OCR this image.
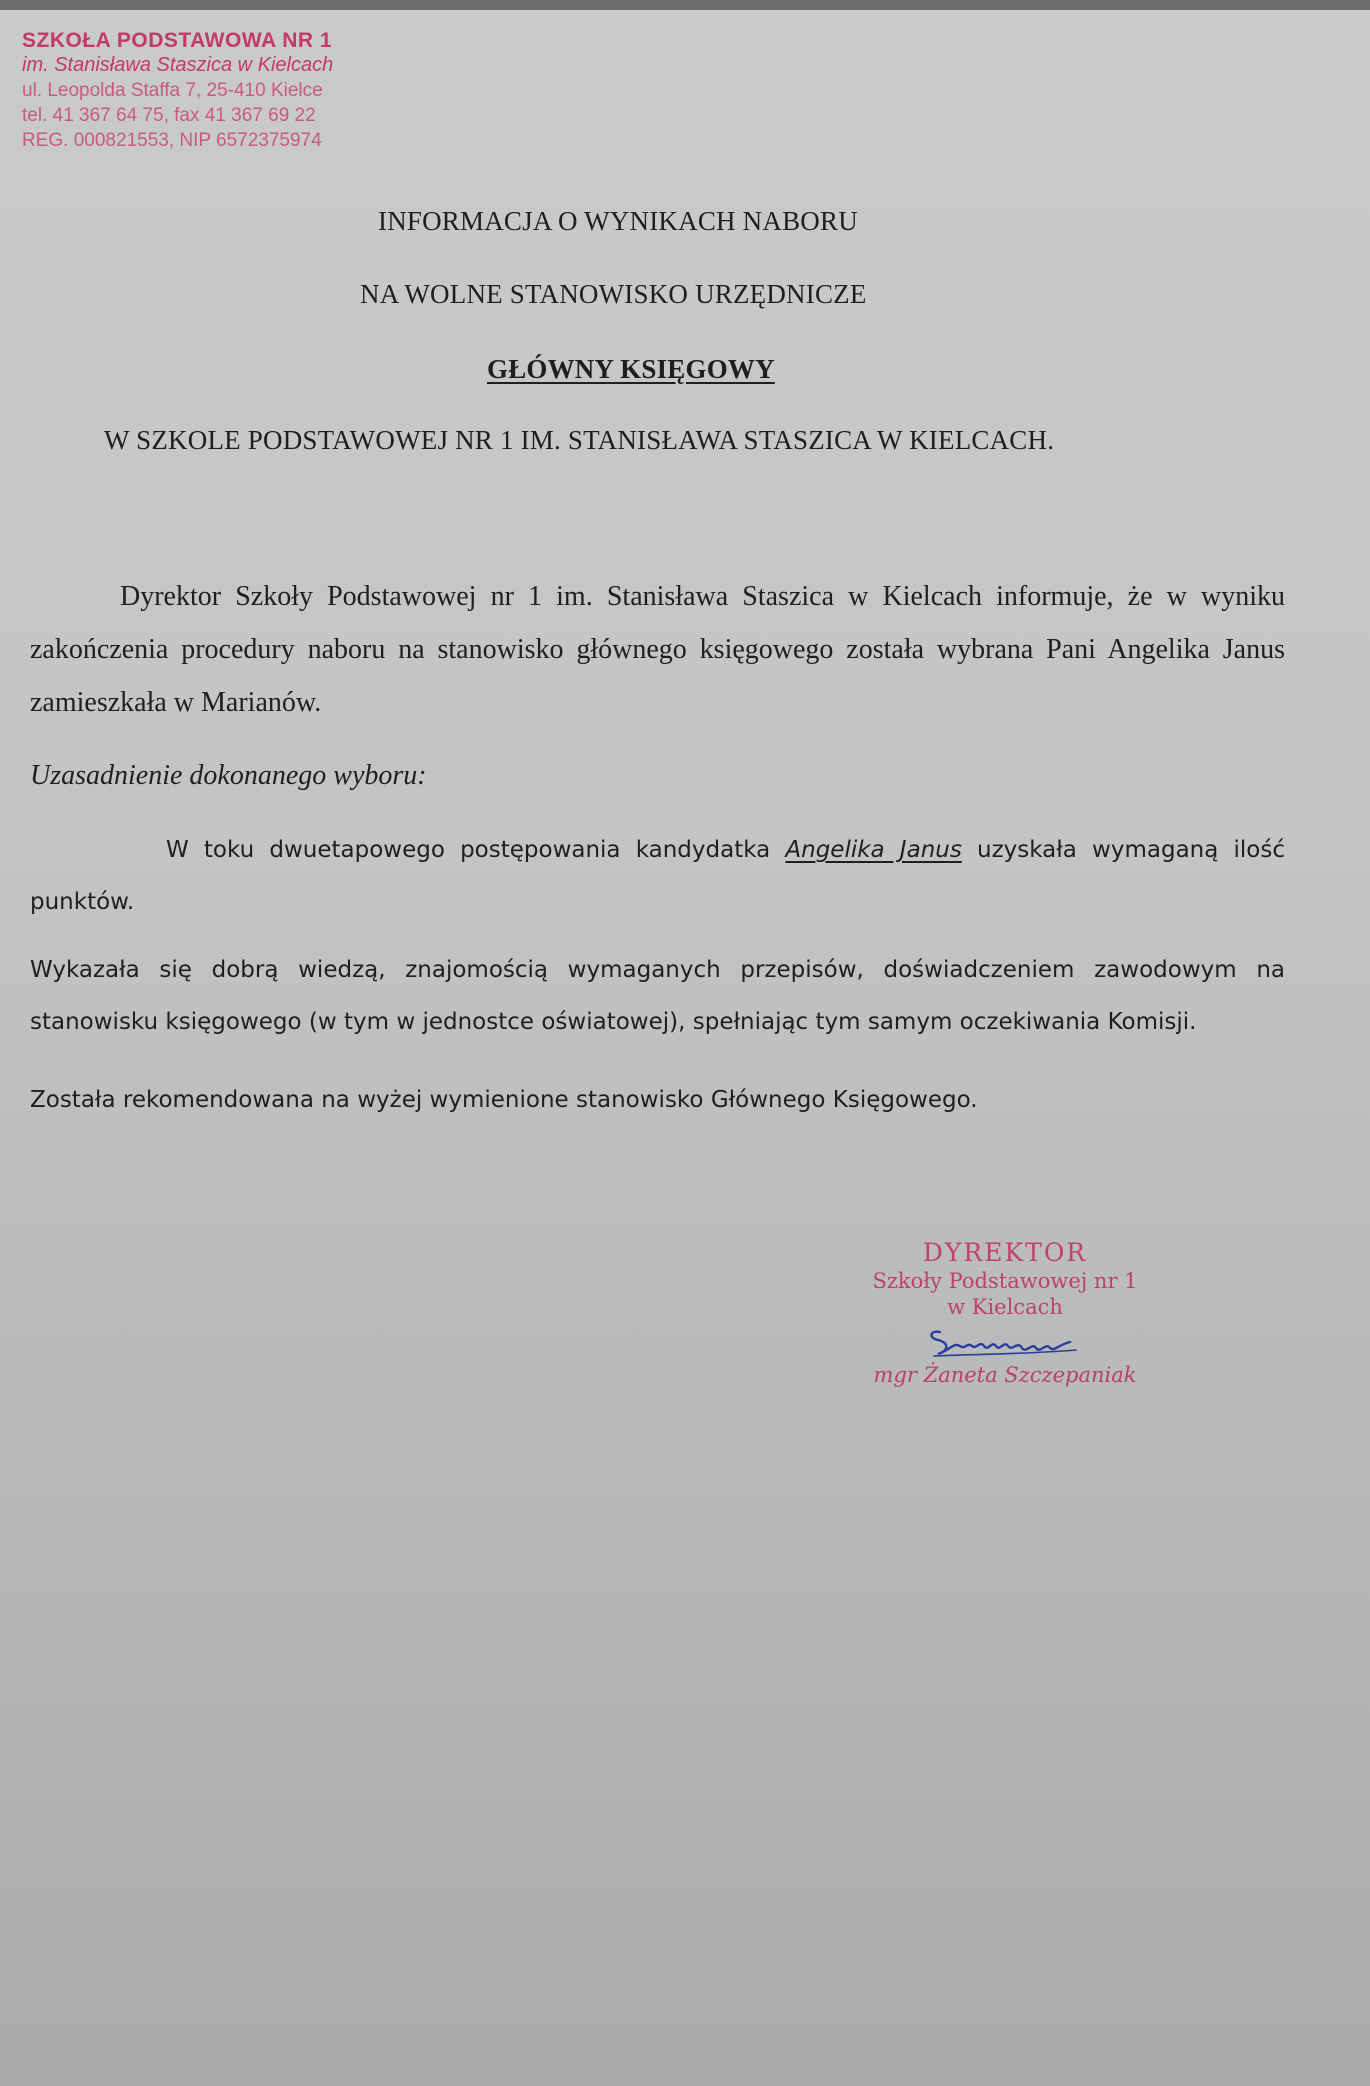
SZKOŁA PODSTAWOWA NR 1
im. Stanisława Staszica w Kielcach
ul. Leopolda Staffa 7, 25-410 Kielce
tel. 41 367 64 75, fax 41 367 69 22
REG. 000821553, NIP 6572375974
INFORMACJA O WYNIKACH NABORU
NA WOLNE STANOWISKO URZĘDNICZE
GŁÓWNY KSIĘGOWY
W SZKOLE PODSTAWOWEJ NR 1 IM. STANISŁAWA STASZICA W KIELCACH.
Dyrektor Szkoły Podstawowej nr 1 im. Stanisława Staszica w Kielcach informuje, że w wyniku zakończenia procedury naboru na stanowisko głównego księgowego została wybrana Pani Angelika Janus zamieszkała w Marianów.
Uzasadnienie dokonanego wyboru:
W toku dwuetapowego postępowania kandydatka Angelika Janus uzyskała wymaganą ilość punktów.
Wykazała się dobrą wiedzą, znajomością wymaganych przepisów, doświadczeniem zawodowym na stanowisku księgowego (w tym w jednostce oświatowej), spełniając tym samym oczekiwania Komisji.
Została rekomendowana na wyżej wymienione stanowisko Głównego Księgowego.
DYREKTOR
Szkoły Podstawowej nr 1
w Kielcach
mgr Żaneta Szczepaniak
